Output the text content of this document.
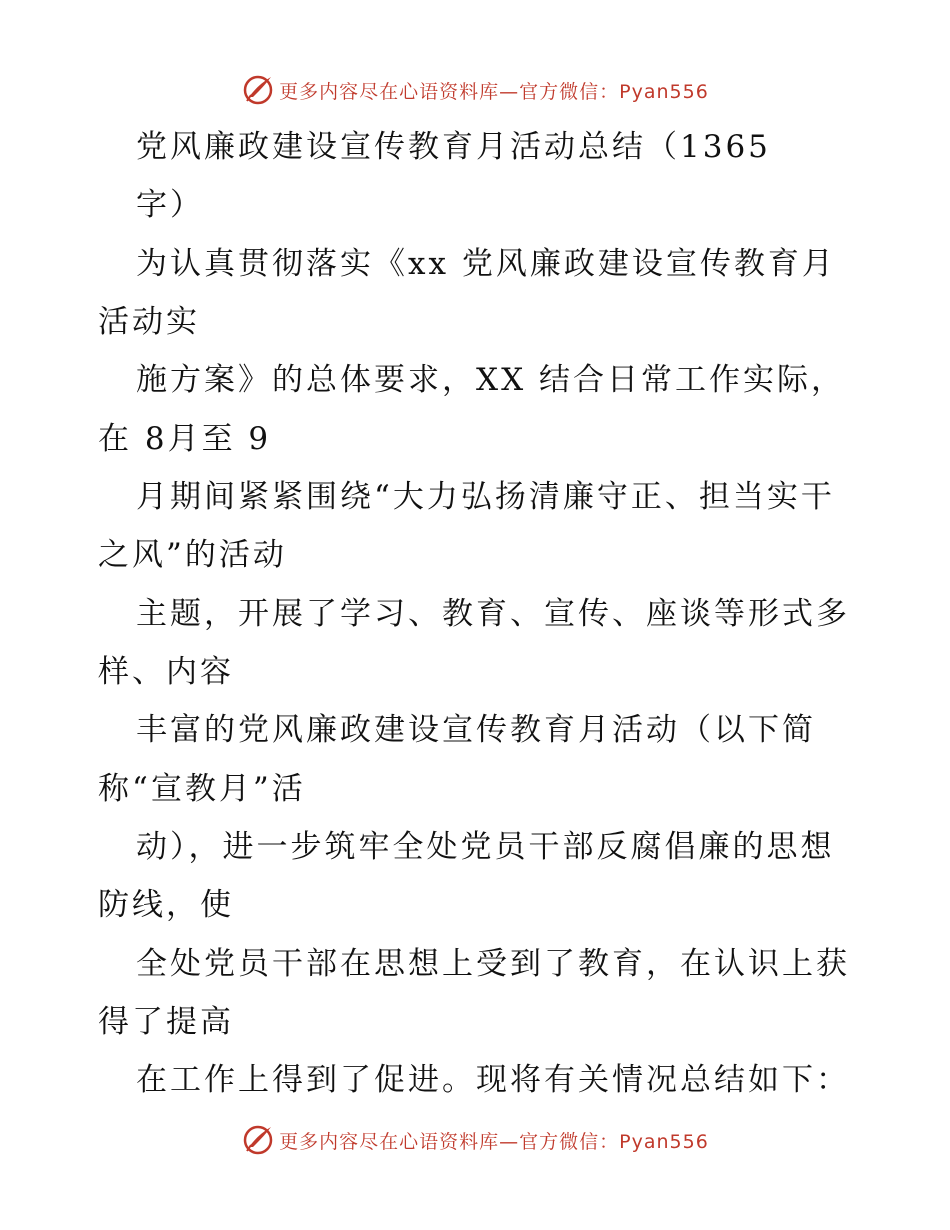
更多内容尽在心语资料库—官方微信：Pyan556
党风廉政建设宣传教育月活动总结（1365
字）
为认真贯彻落实《xx 党风廉政建设宣传教育月
活动实
施方案》的总体要求，XX 结合日常工作实际，
在 8月至 9
月期间紧紧围绕“大力弘扬清廉守正、担当实干
之风”的活动
主题，开展了学习、教育、宣传、座谈等形式多
样、内容
丰富的党风廉政建设宣传教育月活动（以下简
称“宣教月”活
动），进一步筑牢全处党员干部反腐倡廉的思想
防线，使
全处党员干部在思想上受到了教育，在认识上获
得了提高
在工作上得到了促进。现将有关情况总结如下：
更多内容尽在心语资料库—官方微信：Pyan556
